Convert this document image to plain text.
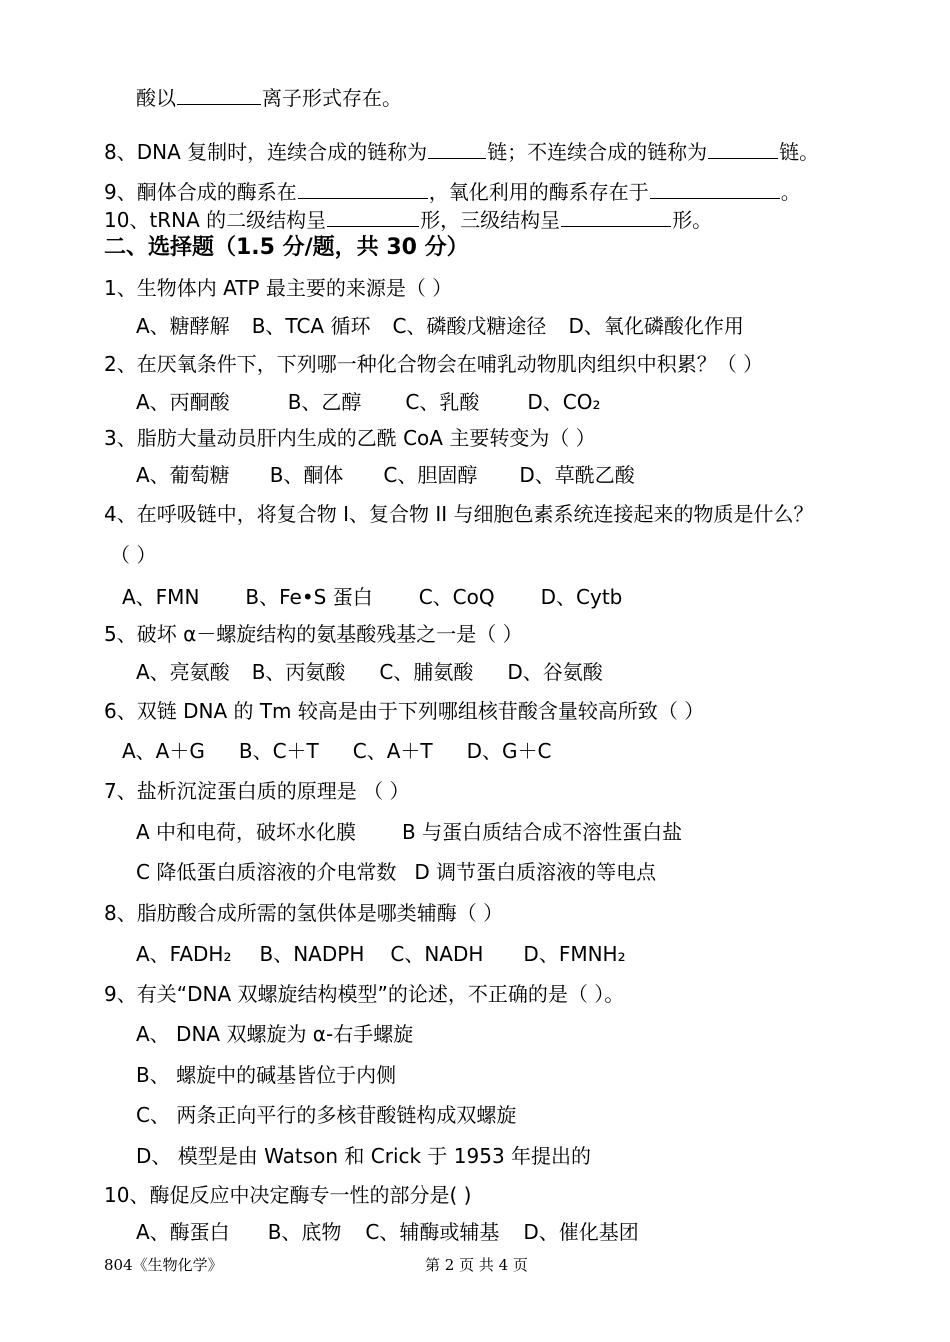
酸以	离子形式存在。
8、DNA 复制时，连续合成的链称为	链；不连续合成的链称为	链。
9、酮体合成的酶系在	，氧化利用的酶系存在于	。
10、tRNA 的二级结构呈	形，三级结构呈	形。
二、选择题（1.5 分/题，共 30 分）
1、生物体内 ATP 最主要的来源是（ ）
A、糖酵解 B、TCA 循环 C、磷酸戊糖途径 D、氧化磷酸化作用
2、在厌氧条件下，下列哪一种化合物会在哺乳动物肌肉组织中积累？（ ）
A、丙酮酸	B、乙醇 C、乳酸 D、CO₂
3、脂肪大量动员肝内生成的乙酰 CoA 主要转变为（ ）
A、葡萄糖 B、酮体 C、胆固醇 D、草酰乙酸
4、在呼吸链中，将复合物 I、复合物 II 与细胞色素系统连接起来的物质是什么？
（ ）
A、FMN B、Fe•S 蛋白 C、CoQ D、Cytb
5、破坏 α－螺旋结构的氨基酸残基之一是（ ）
A、亮氨酸 B、丙氨酸 C、脯氨酸 D、谷氨酸
6、双链 DNA 的 Tm 较高是由于下列哪组核苷酸含量较高所致（ ）
A、A＋G B、C＋T C、A＋T D、G＋C
7、盐析沉淀蛋白质的原理是 （ ）
A 中和电荷，破坏水化膜 B 与蛋白质结合成不溶性蛋白盐
C 降低蛋白质溶液的介电常数 D 调节蛋白质溶液的等电点
8、脂肪酸合成所需的氢供体是哪类辅酶（ ）
A、FADH₂ B、NADPH C、NADH D、FMNH₂
9、有关“DNA 双螺旋结构模型”的论述，不正确的是（ ）。
A、 DNA 双螺旋为 α-右手螺旋
B、 螺旋中的碱基皆位于内侧
C、 两条正向平行的多核苷酸链构成双螺旋
D、 模型是由 Watson 和 Crick 于 1953 年提出的
10、酶促反应中决定酶专一性的部分是( )
A、酶蛋白 B、底物 C、辅酶或辅基 D、催化基团
804《生物化学》	第 2 页 共 4 页
